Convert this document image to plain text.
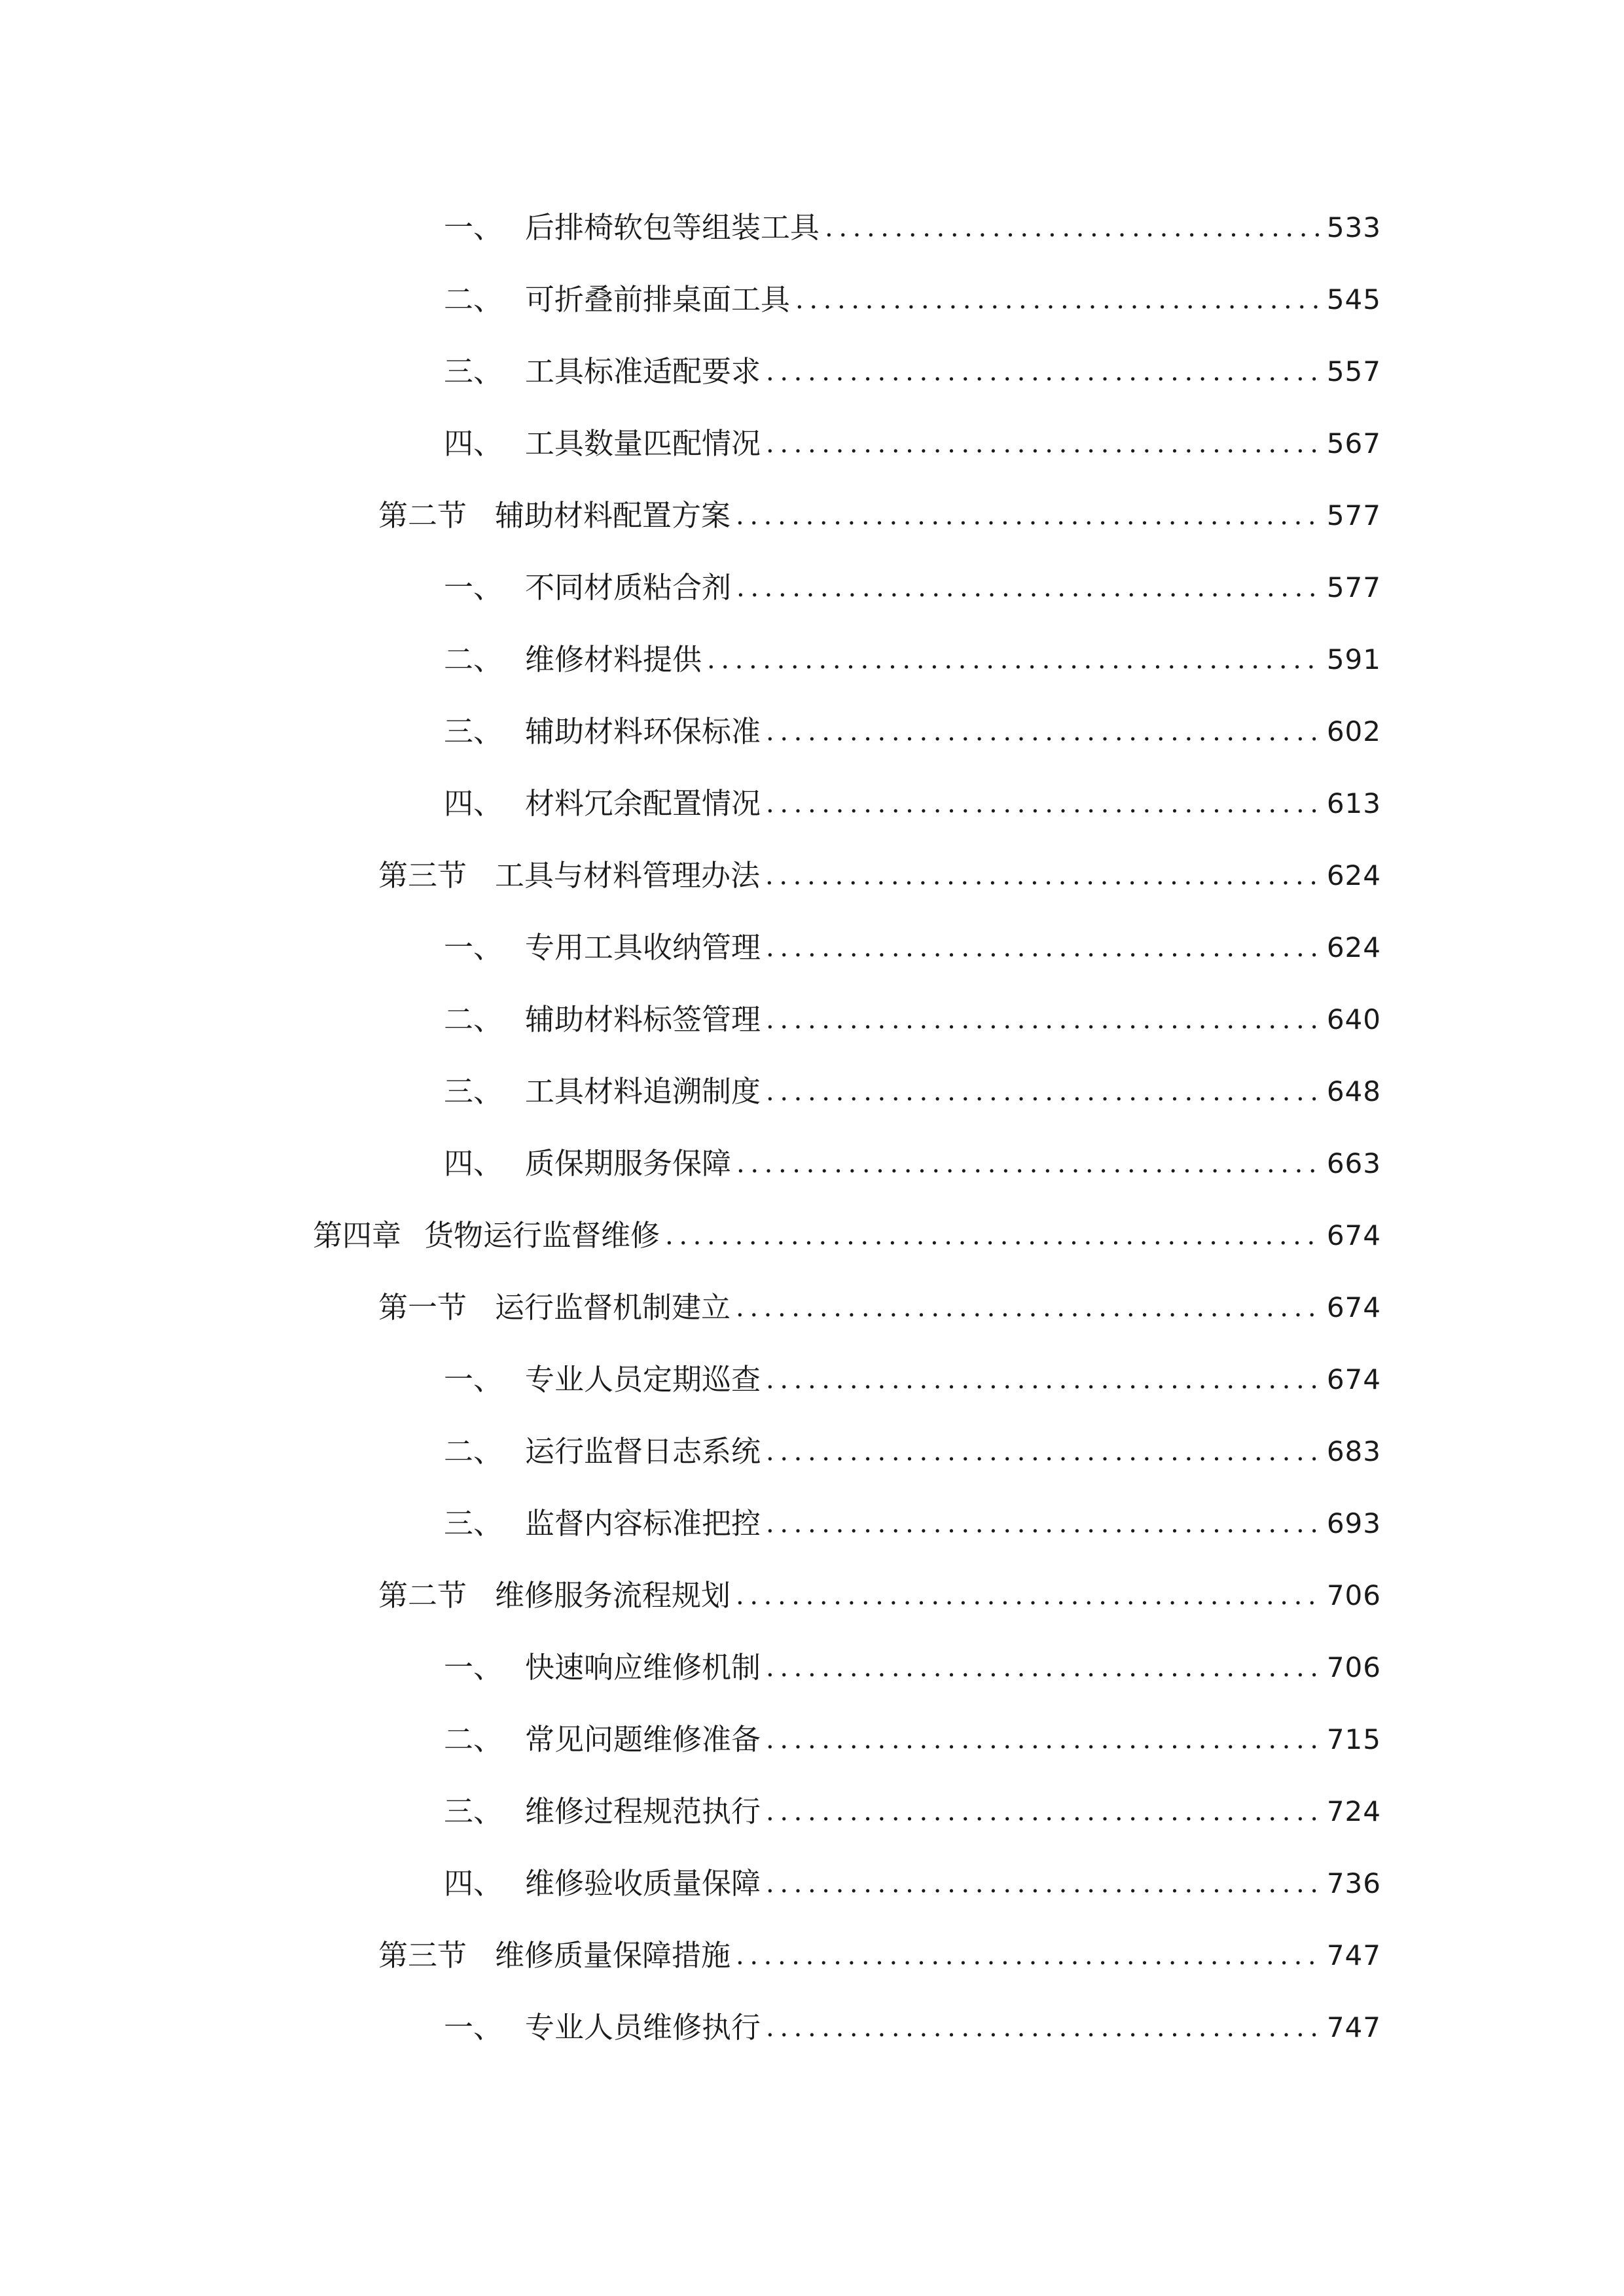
一、 后排椅软包等组装工具 .....	533
二、 可折叠前排桌面工具 .....	545
三、 工具标准适配要求 .....	557
四、 工具数量匹配情况 .....	567
第二节 辅助材料配置方案 .....	577
一、 不同材质粘合剂 .....	577
二、 维修材料提供 .....	591
三、 辅助材料环保标准 .....	602
四、 材料冗余配置情况 .....	613
第三节 工具与材料管理办法 .....	624
一、 专用工具收纳管理 .....	624
二、 辅助材料标签管理 .....	640
三、 工具材料追溯制度 .....	648
四、 质保期服务保障 .....	663
第四章 货物运行监督维修 .....	674
第一节 运行监督机制建立 .....	674
一、 专业人员定期巡查 .....	674
二、 运行监督日志系统 .....	683
三、 监督内容标准把控 .....	693
第二节 维修服务流程规划 .....	706
一、 快速响应维修机制 .....	706
二、 常见问题维修准备 .....	715
三、 维修过程规范执行 .....	724
四、 维修验收质量保障 .....	736
第三节 维修质量保障措施 .....	747
一、 专业人员维修执行 .....	747
